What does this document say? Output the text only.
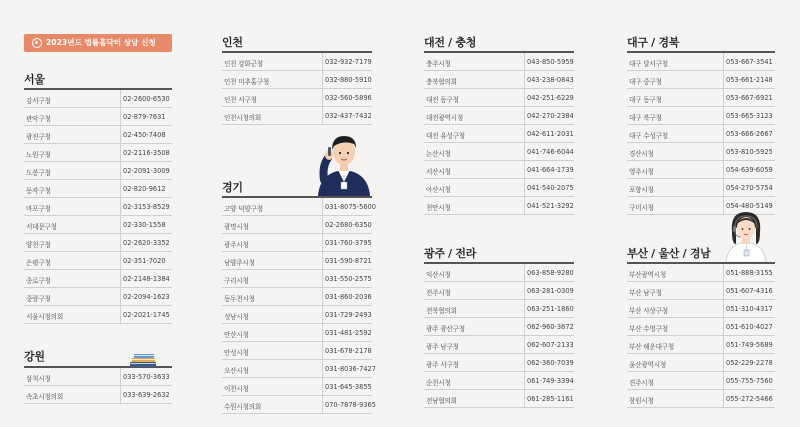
2023년도 법률홈닥터 상담 신청
서울
강원
인천
경기
대전 / 충청
광주 / 전라
대구 / 경북
부산 / 울산 / 경남
강서구청	02-2600-6530
관악구청	02-879-7631
광진구청	02-450-7408
노원구청	02-2116-3508
도봉구청	02-2091-3009
동작구청	02-820-9612
마포구청	02-3153-8529
서대문구청	02-330-1558
양천구청	02-2620-3352
은평구청	02-351-7020
종로구청	02-2148-1384
중랑구청	02-2094-1623
서울시청의회	02-2021-1745
삼척시청	033-570-3633
속초시청의회	033-639-2632
인천 강화군청	032-932-7179
인천 미추홀구청	032-880-5910
인천 서구청	032-560-5896
인천시청의회	032-437-7432
고양 덕양구청	031-8075-5600
광명시청	02-2680-6350
광주시청	031-760-3795
남양주시청	031-590-8721
구리시청	031-550-2575
동두천시청	031-860-2036
성남시청	031-729-2493
안산시청	031-481-2592
안성시청	031-678-2178
오산시청	031-8036-7427
이천시청	031-645-3855
수원시청의회	070-7878-9365
충주시청	043-850-5959
충북협의회	043-238-0843
대전 동구청	042-251-6229
대전광역시청	042-270-2384
대전 유성구청	042-611-2031
논산시청	041-746-6044
서산시청	041-664-1739
아산시청	041-540-2075
천안시청	041-521-3292
익산시청	063-858-9280
전주시청	063-281-0309
전북협의회	063-251-1860
광주 광산구청	062-960-3672
광주 남구청	062-607-2133
광주 서구청	062-360-7039
순천시청	061-749-3394
전남협의회	061-285-1161
대구 달서구청	053-667-3541
대구 중구청	053-661-2148
대구 동구청	053-667-6921
대구 북구청	053-665-3123
대구 수성구청	053-666-2667
경산시청	053-810-5925
영주시청	054-639-6059
포항시청	054-270-5754
구미시청	054-480-5149
부산광역시청	051-888-3155
부산 남구청	051-607-4316
부산 사상구청	051-310-4317
부산 수영구청	051-610-4027
부산 해운대구청	051-749-5689
울산광역시청	052-229-2278
진주시청	055-755-7560
창원시청	055-272-5466
